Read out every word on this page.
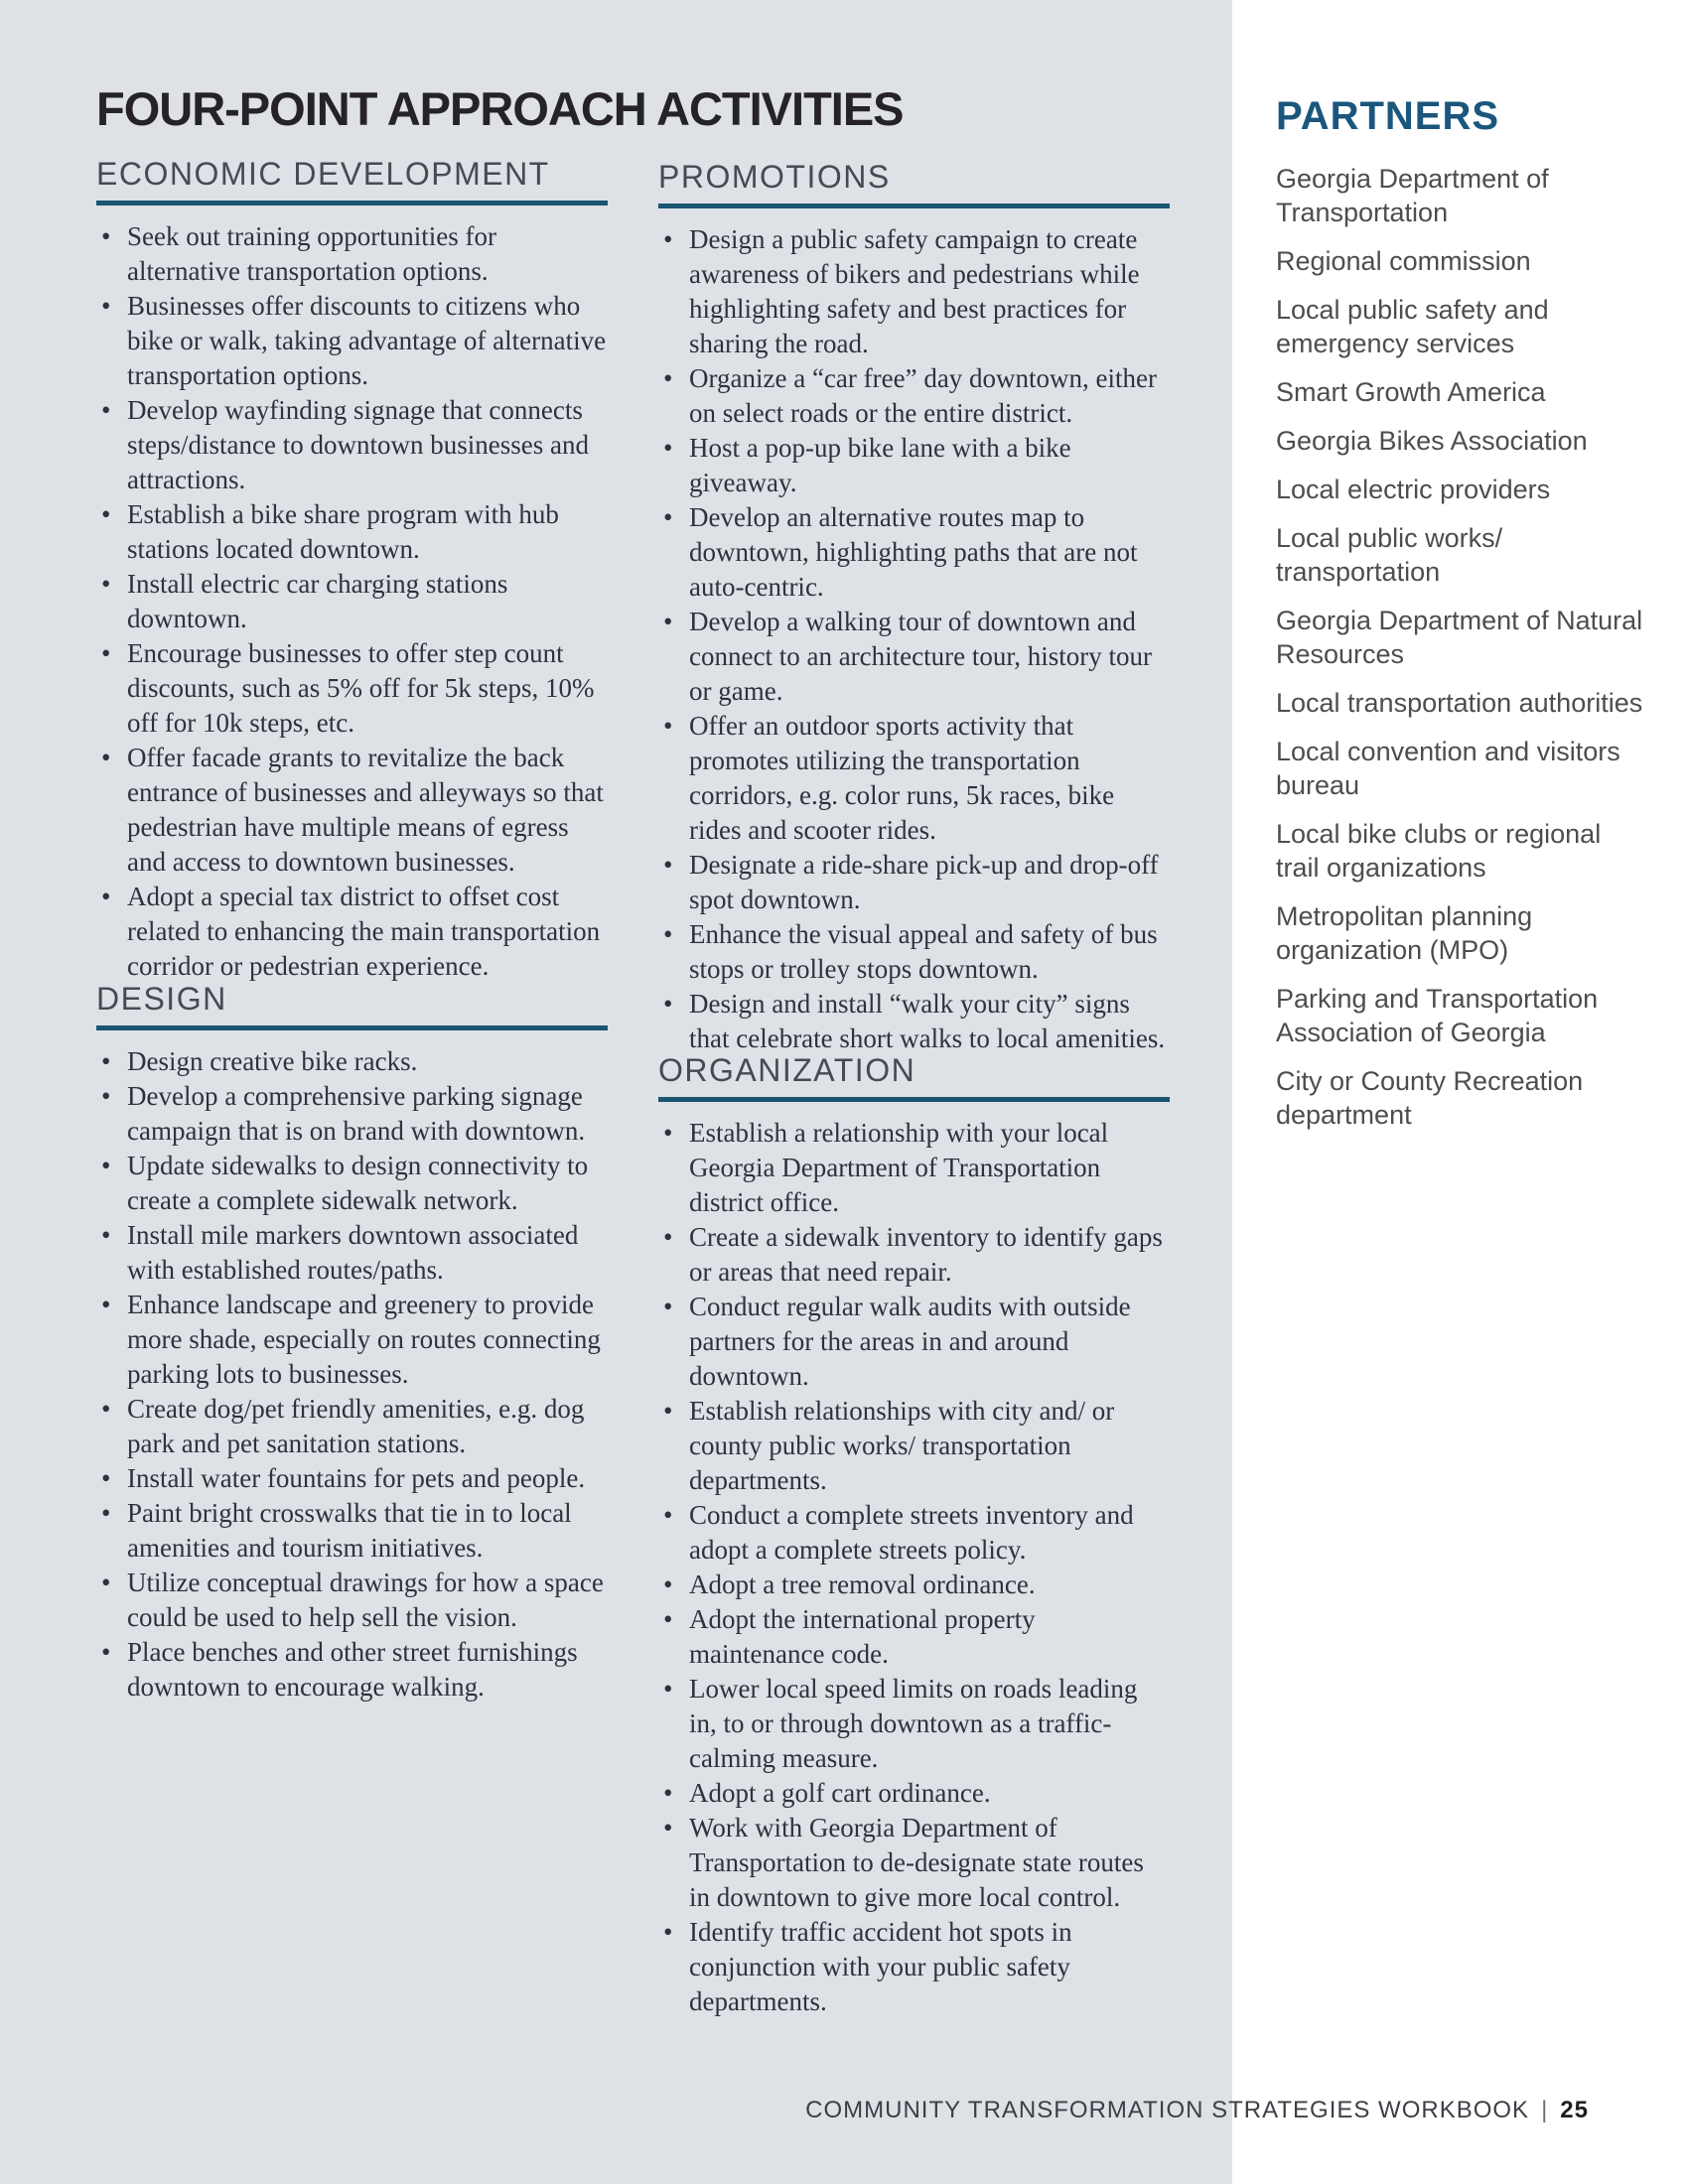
FOUR-POINT APPROACH ACTIVITIES
ECONOMIC DEVELOPMENT
• Seek out training opportunities for alternative transportation options.
• Businesses offer discounts to citizens who bike or walk, taking advantage of alternative transportation options.
• Develop wayfinding signage that connects steps/distance to downtown businesses and attractions.
• Establish a bike share program with hub stations located downtown.
• Install electric car charging stations downtown.
• Encourage businesses to offer step count discounts, such as 5% off for 5k steps, 10% off for 10k steps, etc.
• Offer facade grants to revitalize the back entrance of businesses and alleyways so that pedestrian have multiple means of egress and access to downtown businesses.
• Adopt a special tax district to offset cost related to enhancing the main transportation corridor or pedestrian experience.
DESIGN
• Design creative bike racks.
• Develop a comprehensive parking signage campaign that is on brand with downtown.
• Update sidewalks to design connectivity to create a complete sidewalk network.
• Install mile markers downtown associated with established routes/paths.
• Enhance landscape and greenery to provide more shade, especially on routes connecting parking lots to businesses.
• Create dog/pet friendly amenities, e.g. dog park and pet sanitation stations.
• Install water fountains for pets and people.
• Paint bright crosswalks that tie in to local amenities and tourism initiatives.
• Utilize conceptual drawings for how a space could be used to help sell the vision.
• Place benches and other street furnishings downtown to encourage walking.
PROMOTIONS
• Design a public safety campaign to create awareness of bikers and pedestrians while highlighting safety and best practices for sharing the road.
• Organize a “car free” day downtown, either on select roads or the entire district.
• Host a pop-up bike lane with a bike giveaway.
• Develop an alternative routes map to downtown, highlighting paths that are not auto-centric.
• Develop a walking tour of downtown and connect to an architecture tour, history tour or game.
• Offer an outdoor sports activity that promotes utilizing the transportation corridors, e.g. color runs, 5k races, bike rides and scooter rides.
• Designate a ride-share pick-up and drop-off spot downtown.
• Enhance the visual appeal and safety of bus stops or trolley stops downtown.
• Design and install “walk your city” signs that celebrate short walks to local amenities.
ORGANIZATION
• Establish a relationship with your local Georgia Department of Transportation district office.
• Create a sidewalk inventory to identify gaps or areas that need repair.
• Conduct regular walk audits with outside partners for the areas in and around downtown.
• Establish relationships with city and/ or county public works/ transportation departments.
• Conduct a complete streets inventory and adopt a complete streets policy.
• Adopt a tree removal ordinance.
• Adopt the international property maintenance code.
• Lower local speed limits on roads leading in, to or through downtown as a traffic-calming measure.
• Adopt a golf cart ordinance.
• Work with Georgia Department of Transportation to de-designate state routes in downtown to give more local control.
• Identify traffic accident hot spots in conjunction with your public safety departments.
PARTNERS
Georgia Department of Transportation
Regional commission
Local public safety and emergency services
Smart Growth America
Georgia Bikes Association
Local electric providers
Local public works/ transportation
Georgia Department of Natural Resources
Local transportation authorities
Local convention and visitors bureau
Local bike clubs or regional trail organizations
Metropolitan planning organization (MPO)
Parking and Transportation Association of Georgia
City or County Recreation department
COMMUNITY TRANSFORMATION STRATEGIES WORKBOOK | 25
